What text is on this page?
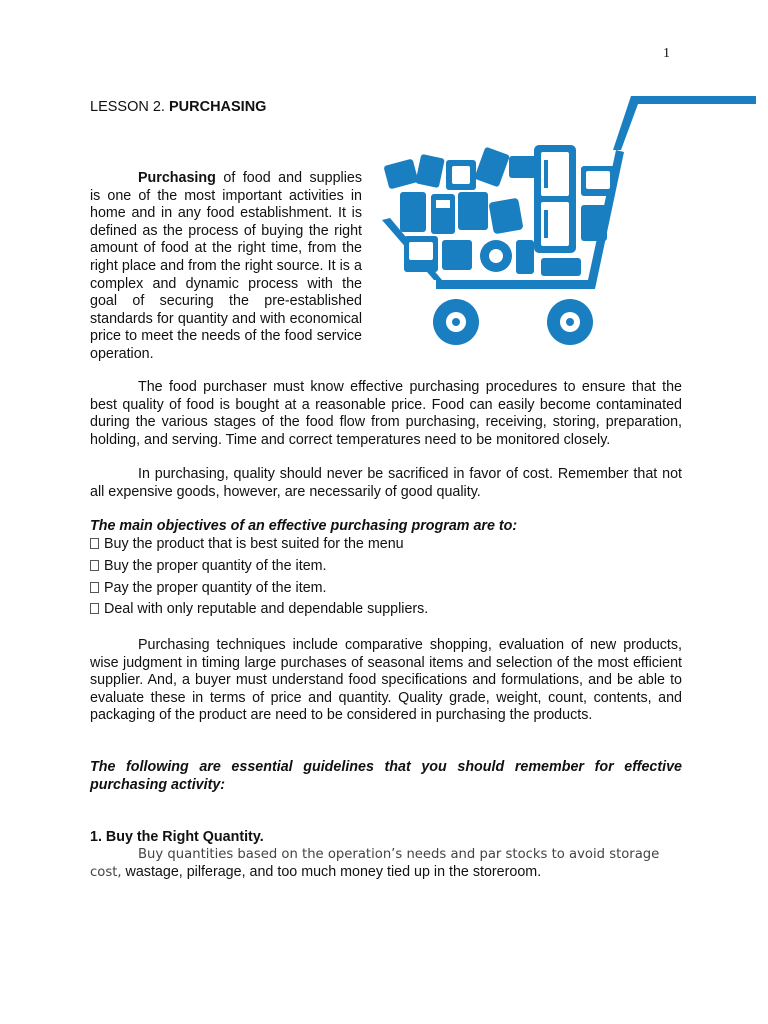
1
LESSON 2. PURCHASING

Purchasing of food and supplies is one of the most important activities in home and in any food establishment. It is defined as the process of buying the right amount of food at the right time, from the right place and from the right source. It is a complex and dynamic process with the goal of securing the pre-established standards for quantity and with economical price to meet the needs of the food service operation.

The food purchaser must know effective purchasing procedures to ensure that the best quality of food is bought at a reasonable price. Food can easily become contaminated during the various stages of the food flow from purchasing, receiving, storing, preparation, holding, and serving. Time and correct temperatures need to be monitored closely.

In purchasing, quality should never be sacrificed in favor of cost. Remember that not all expensive goods, however, are necessarily of good quality.

The main objectives of an effective purchasing program are to:

Buy the product that is best suited for the menu
Buy the proper quantity of the item.
Pay the proper quantity of the item.
Deal with only reputable and dependable suppliers.

Purchasing techniques include comparative shopping, evaluation of new products, wise judgment in timing large purchases of seasonal items and selection of the most efficient supplier. And, a buyer must understand food specifications and formulations, and be able to evaluate these in terms of price and quantity. Quality grade, weight, count, contents, and packaging of the product are need to be considered in purchasing the products.

The following are essential guidelines that you should remember for effective purchasing activity:

1. Buy the Right Quantity.

Buy quantities based on the operation’s needs and par stocks to avoid storage cost, wastage, pilferage, and too much money tied up in the storeroom.
